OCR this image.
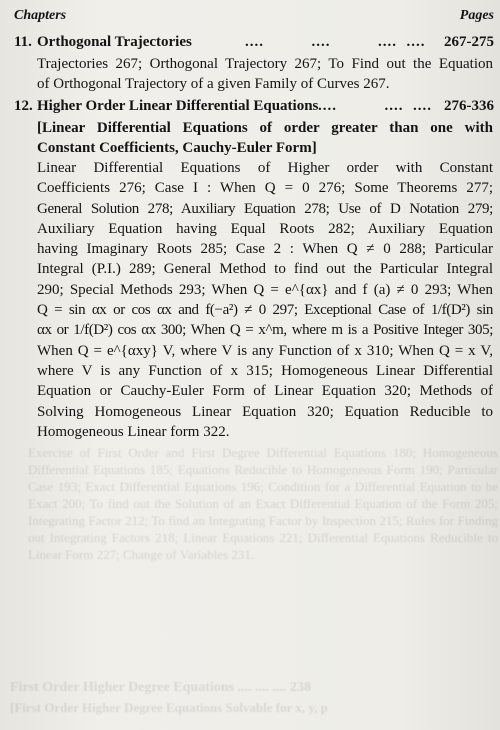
Chapters	Pages
11. Orthogonal Trajectories	....          ....          ....  .... 267-275
Trajectories 267; Orthogonal Trajectory 267; To Find out the Equation
of Orthogonal Trajectory of a given Family of Curves 267.
12. Higher Order Linear Differential Equations ....          ....  .... 276-336
[Linear Differential Equations of order greater than one with
Constant Coefficients, Cauchy-Euler Form]
Linear Differential Equations of Higher order with Constant
Coefficients 276; Case I : When Q = 0 276; Some Theorems 277;
General Solution 278; Auxiliary Equation 278; Use of D Notation 279;
Auxiliary Equation having Equal Roots 282; Auxiliary Equation
having Imaginary Roots 285; Case 2 : When Q ≠ 0 288; Particular
Integral (P.I.) 289; General Method to find out the Particular Integral
290; Special Methods 293; When Q = e^{αx} and f (a) ≠ 0 293; When
Q = sin αx or cos αx and f(−a²) ≠ 0 297; Exceptional Case of 1/f(D²) sin
αx or 1/f(D²) cos αx 300; When Q = x^m, where m is a Positive Integer 305;
When Q = e^{αxy} V, where V is any Function of x 310; When Q = x V,
where V is any Function of x 315; Homogeneous Linear Differential
Equation or Cauchy-Euler Form of Linear Equation 320; Methods of
Solving Homogeneous Linear Equation 320; Equation Reducible to
Homogeneous Linear form 322.
Exercise of First Order and First Degree Differential Equations 180; Homogeneous Differential Equations 185; Equations Reducible to Homogeneous Form 190; Particular Case 193; Exact Differential Equations 196; Condition for a Differential Equation to be Exact 200; To find out the Solution of an Exact Differential Equation of the Form 205; Integrating Factor 212; To find an Integrating Factor by Inspection 215; Rules for Finding out Integrating Factors 218; Linear Equations 221; Differential Equations Reducible to Linear Form 227; Change of Variables 231.
First Order Higher Degree Equations .... .... .... 238
[First Order Higher Degree Equations Solvable for x, y, p
